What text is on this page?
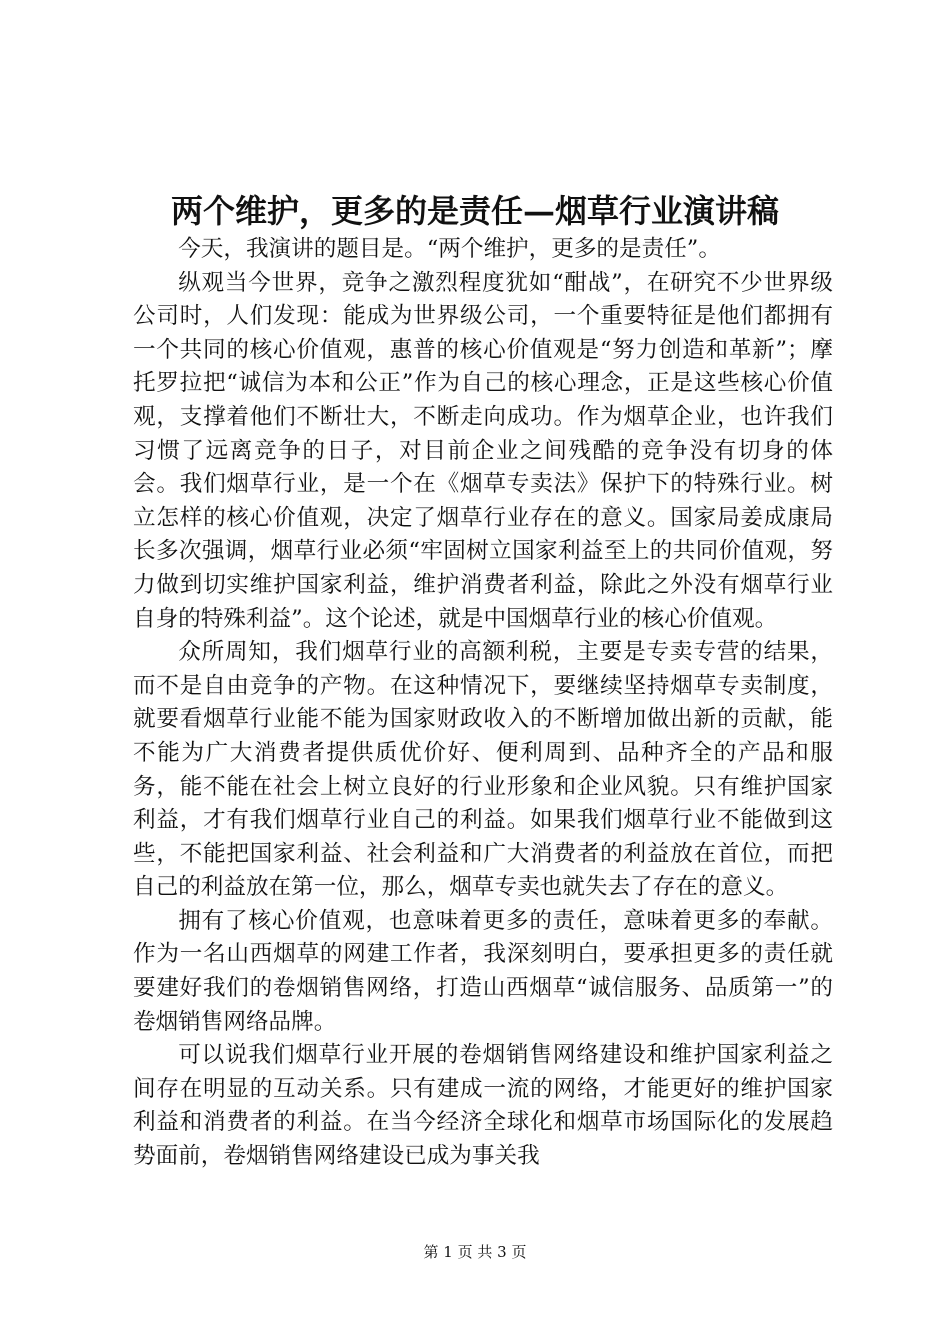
两个维护，更多的是责任—烟草行业演讲稿

今天，我演讲的题目是。“两个维护，更多的是责任”。

纵观当今世界，竞争之激烈程度犹如“酣战”，在研究不少世界级公司时，人们发现：能成为世界级公司，一个重要特征是他们都拥有一个共同的核心价值观，惠普的核心价值观是“努力创造和革新”；摩托罗拉把“诚信为本和公正”作为自己的核心理念，正是这些核心价值观，支撑着他们不断壮大，不断走向成功。作为烟草企业，也许我们习惯了远离竞争的日子，对目前企业之间残酷的竞争没有切身的体会。我们烟草行业，是一个在《烟草专卖法》保护下的特殊行业。树立怎样的核心价值观，决定了烟草行业存在的意义。国家局姜成康局长多次强调，烟草行业必须“牢固树立国家利益至上的共同价值观，努力做到切实维护国家利益，维护消费者利益，除此之外没有烟草行业自身的特殊利益”。这个论述，就是中国烟草行业的核心价值观。

众所周知，我们烟草行业的高额利税，主要是专卖专营的结果，而不是自由竞争的产物。在这种情况下，要继续坚持烟草专卖制度，就要看烟草行业能不能为国家财政收入的不断增加做出新的贡献，能不能为广大消费者提供质优价好、便利周到、品种齐全的产品和服务，能不能在社会上树立良好的行业形象和企业风貌。只有维护国家利益，才有我们烟草行业自己的利益。如果我们烟草行业不能做到这些，不能把国家利益、社会利益和广大消费者的利益放在首位，而把自己的利益放在第一位，那么，烟草专卖也就失去了存在的意义。

拥有了核心价值观，也意味着更多的责任，意味着更多的奉献。作为一名山西烟草的网建工作者，我深刻明白，要承担更多的责任就要建好我们的卷烟销售网络，打造山西烟草“诚信服务、品质第一”的卷烟销售网络品牌。

可以说我们烟草行业开展的卷烟销售网络建设和维护国家利益之间存在明显的互动关系。只有建成一流的网络，才能更好的维护国家利益和消费者的利益。在当今经济全球化和烟草市场国际化的发展趋势面前，卷烟销售网络建设已成为事关我

第 1 页 共 3 页
